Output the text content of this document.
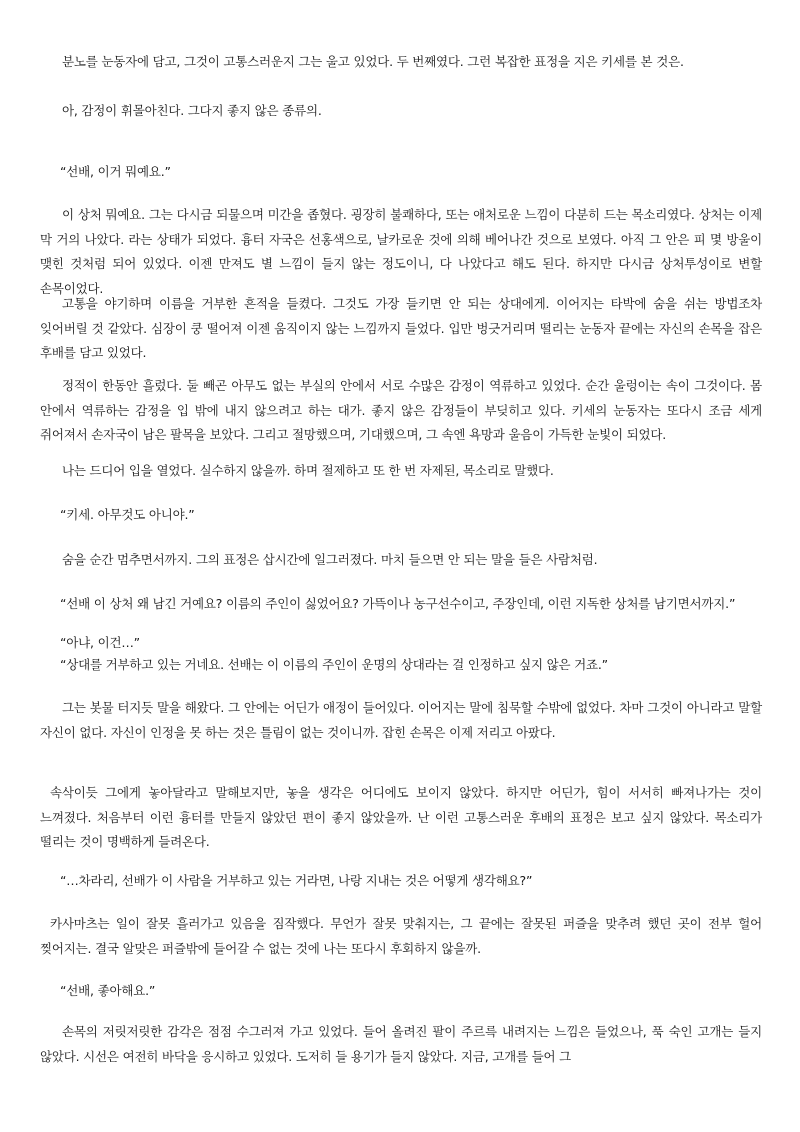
분노를 눈동자에 담고, 그것이 고통스러운지 그는 울고 있었다. 두 번째였다. 그런 복잡한 표정을 지은 키세를 본 것은.

아, 감정이 휘몰아친다. 그다지 좋지 않은 종류의.

“선배, 이거 뭐예요.”

이 상처 뭐예요. 그는 다시금 되물으며 미간을 좁혔다. 굉장히 불쾌하다, 또는 애처로운 느낌이 다분히 드는 목소리였다. 상처는 이제 막 거의 나았다. 라는 상태가 되었다. 흉터 자국은 선홍색으로, 날카로운 것에 의해 베어나간 것으로 보였다. 아직 그 안은 피 몇 방울이 맺힌 것처럼 되어 있었다. 이젠 만져도 별 느낌이 들지 않는 정도이니, 다 나았다고 해도 된다. 하지만 다시금 상처투성이로 변할 손목이었다.

고통을 야기하며 이름을 거부한 흔적을 들켰다. 그것도 가장 들키면 안 되는 상대에게. 이어지는 타박에 숨을 쉬는 방법조차 잊어버릴 것 같았다. 심장이 쿵 떨어져 이젠 움직이지 않는 느낌까지 들었다. 입만 벙긋거리며 떨리는 눈동자 끝에는 자신의 손목을 잡은 후배를 담고 있었다.

정적이 한동안 흘렀다. 둘 빼곤 아무도 없는 부실의 안에서 서로 수많은 감정이 역류하고 있었다. 순간 울렁이는 속이 그것이다. 몸 안에서 역류하는 감정을 입 밖에 내지 않으려고 하는 대가. 좋지 않은 감정들이 부딪히고 있다. 키세의 눈동자는 또다시 조금 세게 쥐어져서 손자국이 남은 팔목을 보았다. 그리고 절망했으며, 기대했으며, 그 속엔 욕망과 울음이 가득한 눈빛이 되었다.

나는 드디어 입을 열었다. 실수하지 않을까. 하며 절제하고 또 한 번 자제된, 목소리로 말했다.

“키세. 아무것도 아니야.”

숨을 순간 멈추면서까지. 그의 표정은 삽시간에 일그러졌다. 마치 들으면 안 되는 말을 들은 사람처럼.

“선배 이 상처 왜 남긴 거예요? 이름의 주인이 싫었어요? 가뜩이나 농구선수이고, 주장인데, 이런 지독한 상처를 남기면서까지.”

“아냐, 이건…”

“상대를 거부하고 있는 거네요. 선배는 이 이름의 주인이 운명의 상대라는 걸 인정하고 싶지 않은 거죠.”

그는 봇물 터지듯 말을 해왔다. 그 안에는 어딘가 애정이 들어있다. 이어지는 말에 침묵할 수밖에 없었다. 차마 그것이 아니라고 말할 자신이 없다. 자신이 인정을 못 하는 것은 틀림이 없는 것이니까. 잡힌 손목은 이제 저리고 아팠다.

속삭이듯 그에게 놓아달라고 말해보지만, 놓을 생각은 어디에도 보이지 않았다. 하지만 어딘가, 힘이 서서히 빠져나가는 것이 느껴졌다. 처음부터 이런 흉터를 만들지 않았던 편이 좋지 않았을까. 난 이런 고통스러운 후배의 표정은 보고 싶지 않았다. 목소리가 떨리는 것이 명백하게 들려온다.

“…차라리, 선배가 이 사람을 거부하고 있는 거라면, 나랑 지내는 것은 어떻게 생각해요?”

카사마츠는 일이 잘못 흘러가고 있음을 짐작했다. 무언가 잘못 맞춰지는, 그 끝에는 잘못된 퍼즐을 맞추려 했던 곳이 전부 헐어 찢어지는. 결국 알맞은 퍼즐밖에 들어갈 수 없는 것에 나는 또다시 후회하지 않을까.

“선배, 좋아해요.”

손목의 저릿저릿한 감각은 점점 수그러져 가고 있었다. 들어 올려진 팔이 주르륵 내려지는 느낌은 들었으나, 푹 숙인 고개는 들지 않았다. 시선은 여전히 바닥을 응시하고 있었다. 도저히 들 용기가 들지 않았다. 지금, 고개를 들어 그
